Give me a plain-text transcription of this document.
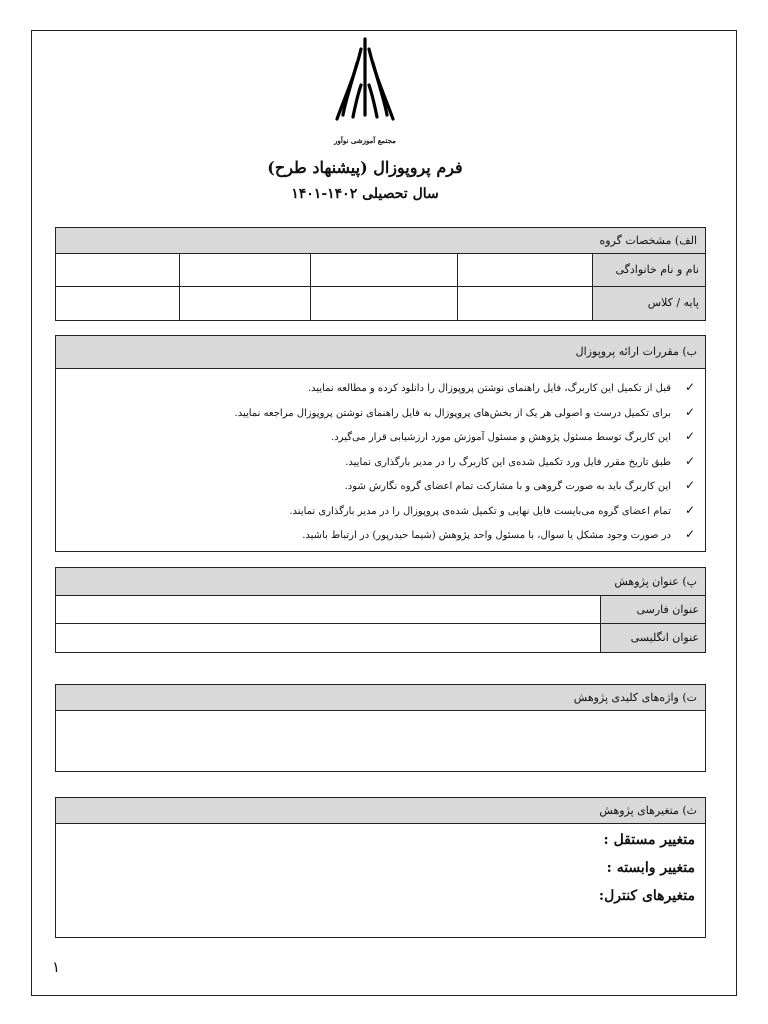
مجتمع آموزشی نوآور
فرم پروپوزال (پیشنهاد طرح)
سال تحصیلی ۱۴۰۲-۱۴۰۱
الف) مشخصات گروه
نام و نام خانوادگی
پایه / کلاس
ب) مقررات ارائه پروپوزال
✓قبل از تکمیل این کاربرگ، فایل راهنمای نوشتن پروپوزال را دانلود کرده و مطالعه نمایید.
✓برای تکمیل درست و اصولی هر یک از بخش‌های پروپوزال به فایل راهنمای نوشتن پروپوزال مراجعه نمایید.
✓این کاربرگ توسط مسئول پژوهش و مسئول آموزش مورد ارزشیابی قرار می‌گیرد.
✓طبق تاریخ مقرر فایل ورد تکمیل شده‌ی این کاربرگ را در مدیر بارگذاری نمایید.
✓این کاربرگ باید به صورت گروهی و با مشارکت تمام اعضای گروه نگارش شود.
✓تمام اعضای گروه می‌بایست فایل نهایی و تکمیل شده‌ی پروپوزال را در مدیر بارگذاری نمایند.
✓در صورت وجود مشکل یا سوال، با مسئول واحد پژوهش (شیما حیدرپور) در ارتباط باشید.
پ) عنوان پژوهش
عنوان فارسی
عنوان انگلیسی
ت) واژه‌های کلیدی پژوهش
ث) متغیرهای پژوهش
متغییر مستقل :
متغییر وابسته :
متغیرهای کنترل:
١
